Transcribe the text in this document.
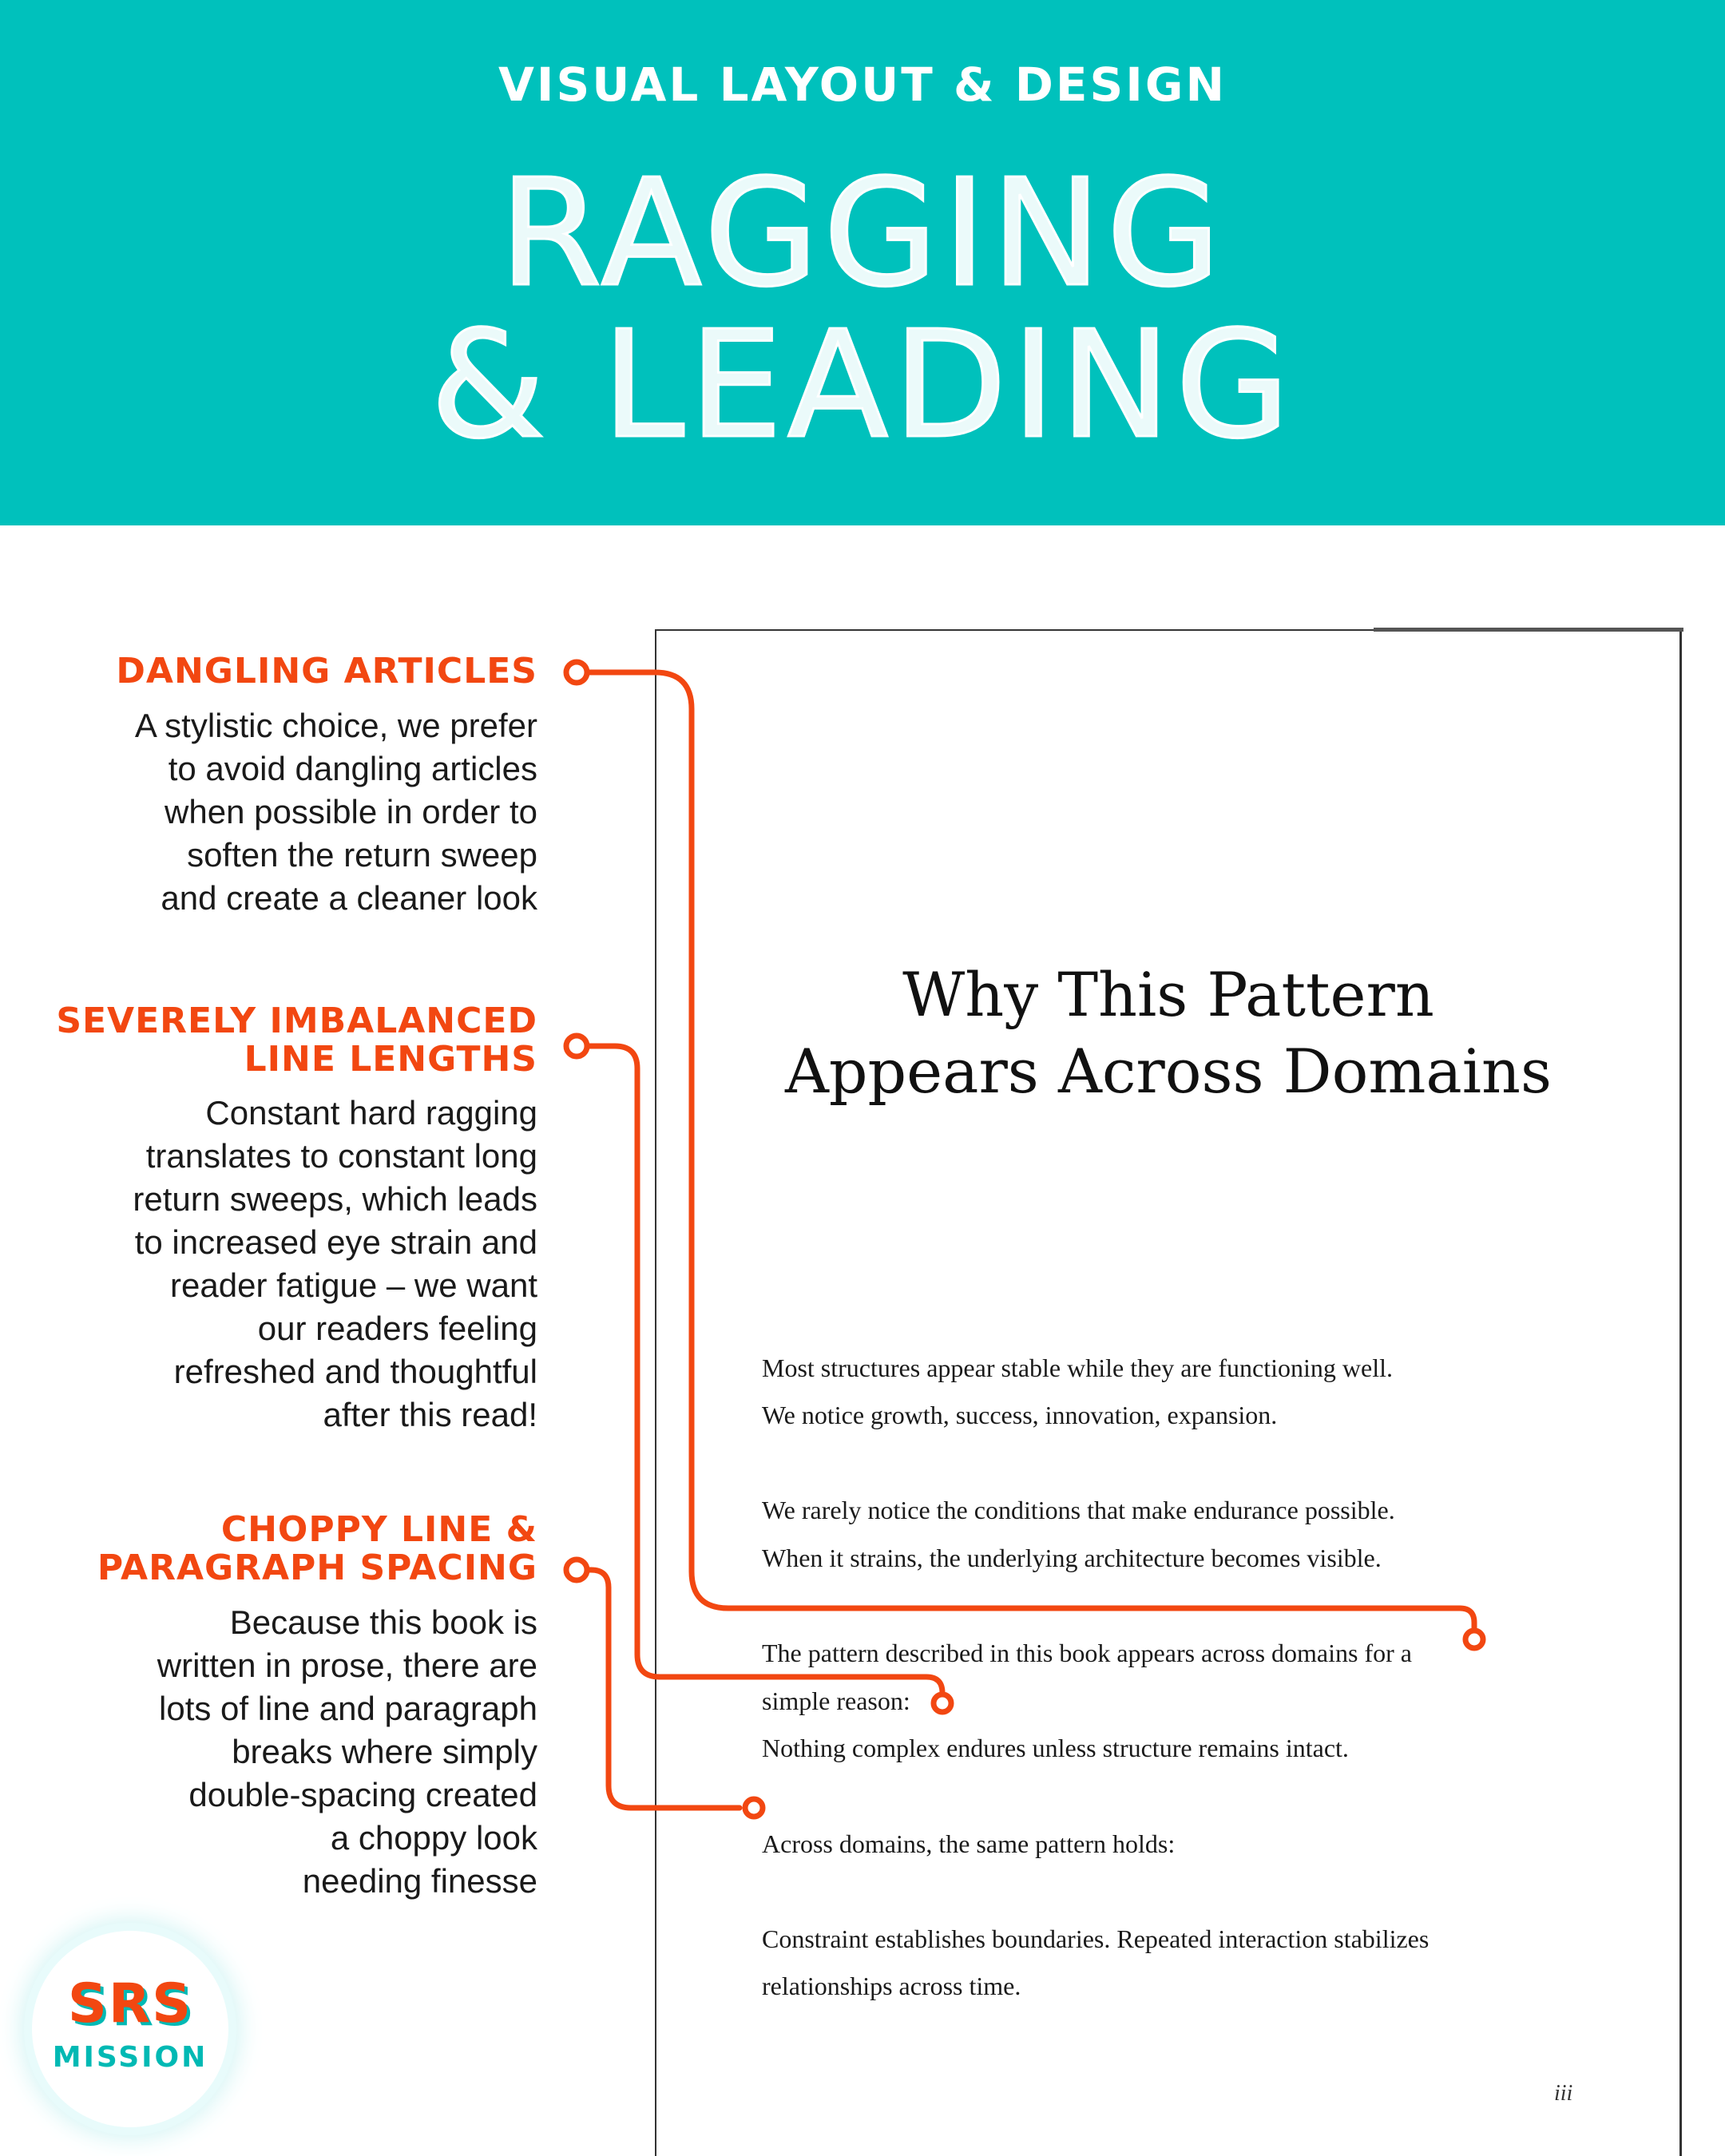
VISUAL LAYOUT & DESIGN
RAGGING
& LEADING
DANGLING ARTICLES
A stylistic choice, we prefer
to avoid dangling articles
when possible in order to
soften the return sweep
and create a cleaner look
SEVERELY IMBALANCED
LINE LENGTHS
Constant hard ragging
translates to constant long
return sweeps, which leads
to increased eye strain and
reader fatigue – we want
our readers feeling
refreshed and thoughtful
after this read!
CHOPPY LINE &
PARAGRAPH SPACING
Because this book is
written in prose, there are
lots of line and paragraph
breaks where simply
double-spacing created
a choppy look
needing finesse
Why This Pattern
Appears Across Domains
Most structures appear stable while they are functioning well.
We notice growth, success, innovation, expansion.
We rarely notice the conditions that make endurance possible.
When it strains, the underlying architecture becomes visible.
The pattern described in this book appears across domains for a
simple reason:
Nothing complex endures unless structure remains intact.
Across domains, the same pattern holds:
Constraint establishes boundaries. Repeated interaction stabilizes
relationships across time.
iii
SRS
MISSION
